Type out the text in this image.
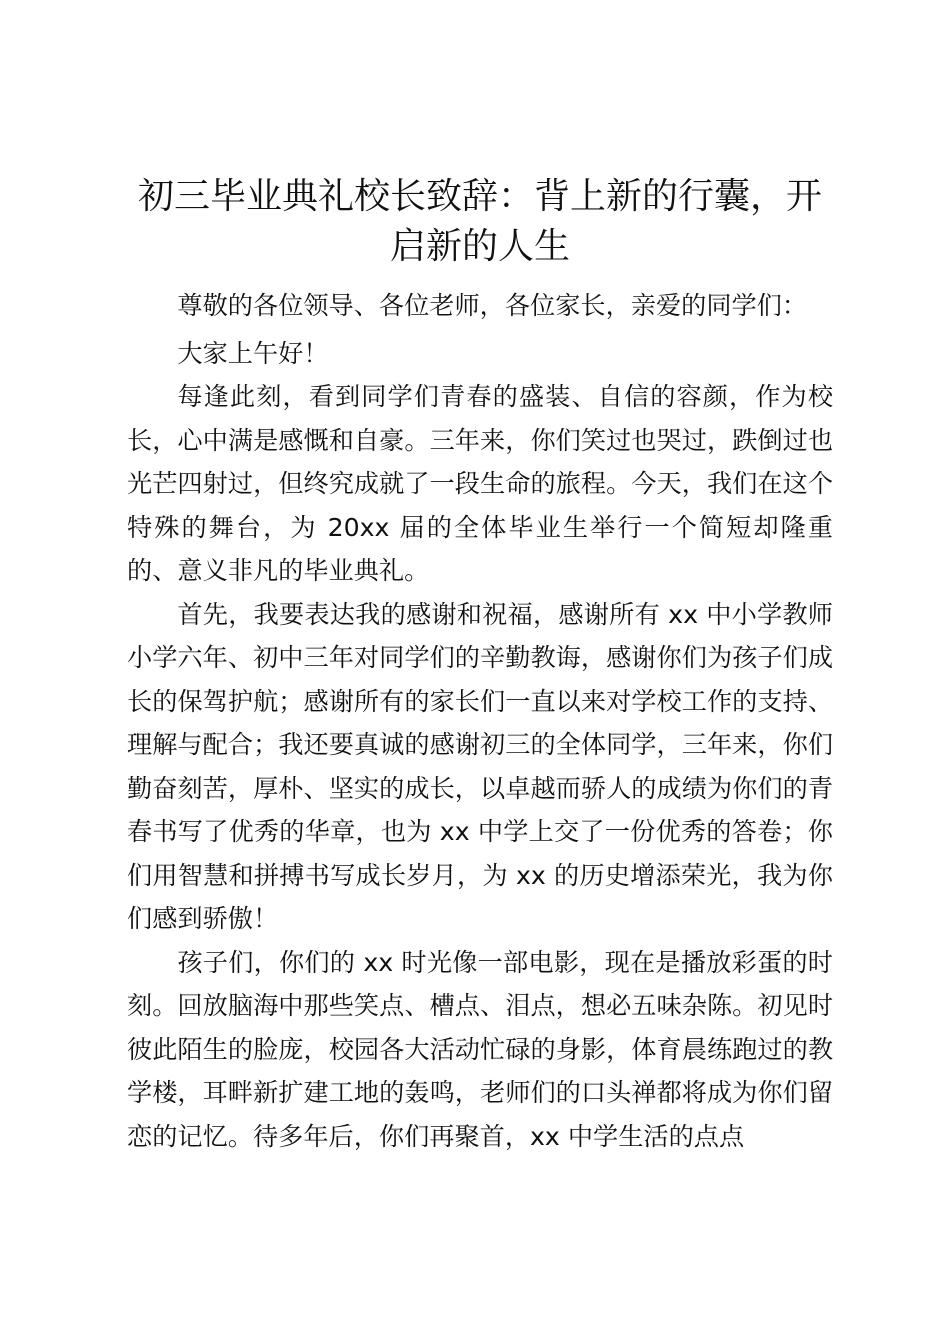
初三毕业典礼校长致辞：背上新的行囊，开启新的人生

尊敬的各位领导、各位老师，各位家长，亲爱的同学们：

大家上午好！

每逢此刻，看到同学们青春的盛装、自信的容颜，作为校长，心中满是感慨和自豪。三年来，你们笑过也哭过，跌倒过也光芒四射过，但终究成就了一段生命的旅程。今天，我们在这个特殊的舞台，为 20xx 届的全体毕业生举行一个简短却隆重的、意义非凡的毕业典礼。

首先，我要表达我的感谢和祝福，感谢所有 xx 中小学教师小学六年、初中三年对同学们的辛勤教诲，感谢你们为孩子们成长的保驾护航；感谢所有的家长们一直以来对学校工作的支持、理解与配合；我还要真诚的感谢初三的全体同学，三年来，你们勤奋刻苦，厚朴、坚实的成长，以卓越而骄人的成绩为你们的青春书写了优秀的华章，也为 xx 中学上交了一份优秀的答卷；你们用智慧和拼搏书写成长岁月，为 xx 的历史增添荣光，我为你们感到骄傲！

孩子们，你们的 xx 时光像一部电影，现在是播放彩蛋的时刻。回放脑海中那些笑点、槽点、泪点，想必五味杂陈。初见时彼此陌生的脸庞，校园各大活动忙碌的身影，体育晨练跑过的教学楼，耳畔新扩建工地的轰鸣，老师们的口头禅都将成为你们留恋的记忆。待多年后，你们再聚首，xx 中学生活的点点
